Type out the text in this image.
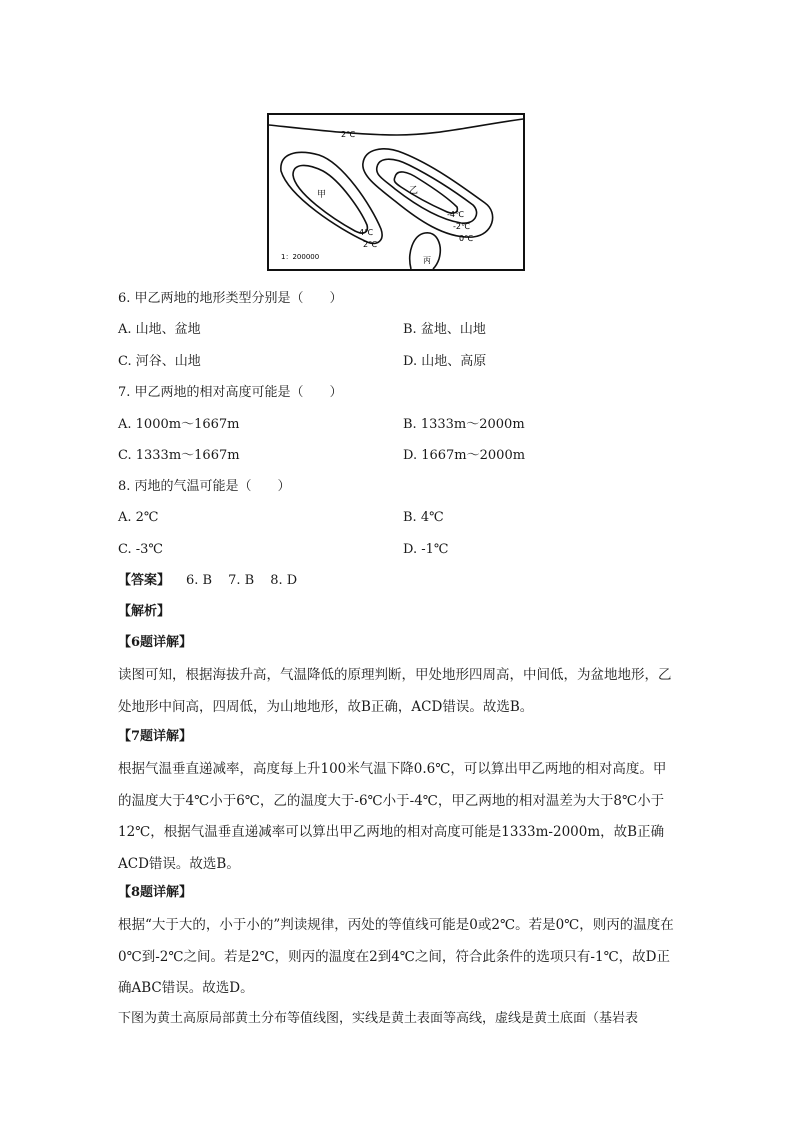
2℃
甲	乙
4℃
2℃
-4℃
-2℃
0℃
1：200000	丙
6. 甲乙两地的地形类型分别是（　　）
A. 山地、盆地	B. 盆地、山地
C. 河谷、山地	D. 山地、高原
7. 甲乙两地的相对高度可能是（　　）
A. 1000m～1667m	B. 1333m～2000m
C. 1333m～1667m	D. 1667m～2000m
8. 丙地的气温可能是（　　）
A. 2℃	B. 4℃
C. -3℃	D. -1℃
【答案】 6. B 7. B 8. D
【解析】
【6题详解】
读图可知，根据海拔升高，气温降低的原理判断，甲处地形四周高，中间低，为盆地地形，乙处地形中间高，四周低，为山地地形，故B正确，ACD错误。故选B。
【7题详解】
根据气温垂直递减率，高度每上升100米气温下降0.6℃，可以算出甲乙两地的相对高度。甲的温度大于4℃小于6℃，乙的温度大于-6℃小于-4℃，甲乙两地的相对温差为大于8℃小于12℃，根据气温垂直递减率可以算出甲乙两地的相对高度可能是1333m-2000m，故B正确ACD错误。故选B。
【8题详解】
根据“大于大的，小于小的”判读规律，丙处的等值线可能是0或2℃。若是0℃，则丙的温度在0℃到-2℃之间。若是2℃，则丙的温度在2到4℃之间，符合此条件的选项只有-1℃，故D正确ABC错误。故选D。
下图为黄土高原局部黄土分布等值线图，实线是黄土表面等高线，虚线是黄土底面（基岩表
